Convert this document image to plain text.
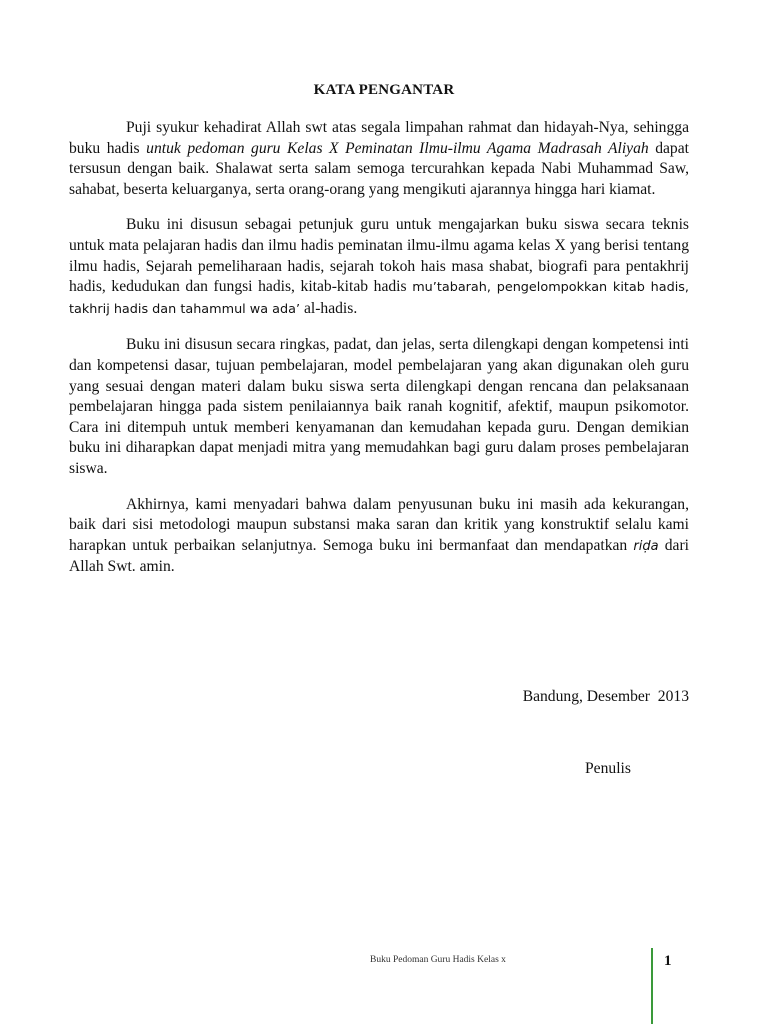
KATA PENGANTAR

Puji syukur kehadirat Allah swt atas segala limpahan rahmat dan hidayah-Nya, sehingga buku hadis untuk pedoman guru Kelas X Peminatan Ilmu-ilmu Agama Madrasah Aliyah dapat tersusun dengan baik. Shalawat serta salam semoga tercurahkan kepada Nabi Muhammad Saw, sahabat, beserta keluarganya, serta orang-orang yang mengikuti ajarannya hingga hari kiamat.

Buku ini disusun sebagai petunjuk guru untuk mengajarkan buku siswa secara teknis untuk mata pelajaran hadis dan ilmu hadis peminatan ilmu-ilmu agama kelas X yang berisi tentang ilmu hadis, Sejarah pemeliharaan hadis, sejarah tokoh hais masa shabat, biografi para pentakhrij hadis, kedudukan dan fungsi hadis, kitab-kitab hadis mu’tabarah, pengelompokkan kitab hadis, takhrij hadis dan tahammul wa ada’ al-hadis.

Buku ini disusun secara ringkas, padat, dan jelas, serta dilengkapi dengan kompetensi inti dan kompetensi dasar, tujuan pembelajaran, model pembelajaran yang akan digunakan oleh guru yang sesuai dengan materi dalam buku siswa serta dilengkapi dengan rencana dan pelaksanaan pembelajaran hingga pada sistem penilaiannya baik ranah kognitif, afektif, maupun psikomotor. Cara ini ditempuh untuk memberi kenyamanan dan kemudahan kepada guru. Dengan demikian buku ini diharapkan dapat menjadi mitra yang memudahkan bagi guru dalam proses pembelajaran siswa.

Akhirnya, kami menyadari bahwa dalam penyusunan buku ini masih ada kekurangan, baik dari sisi metodologi maupun substansi maka saran dan kritik yang konstruktif selalu kami harapkan untuk perbaikan selanjutnya. Semoga buku ini bermanfaat dan mendapatkan riḍa dari Allah Swt. amin.

Bandung, Desember  2013
Penulis
Buku Pedoman Guru Hadis Kelas x	1
